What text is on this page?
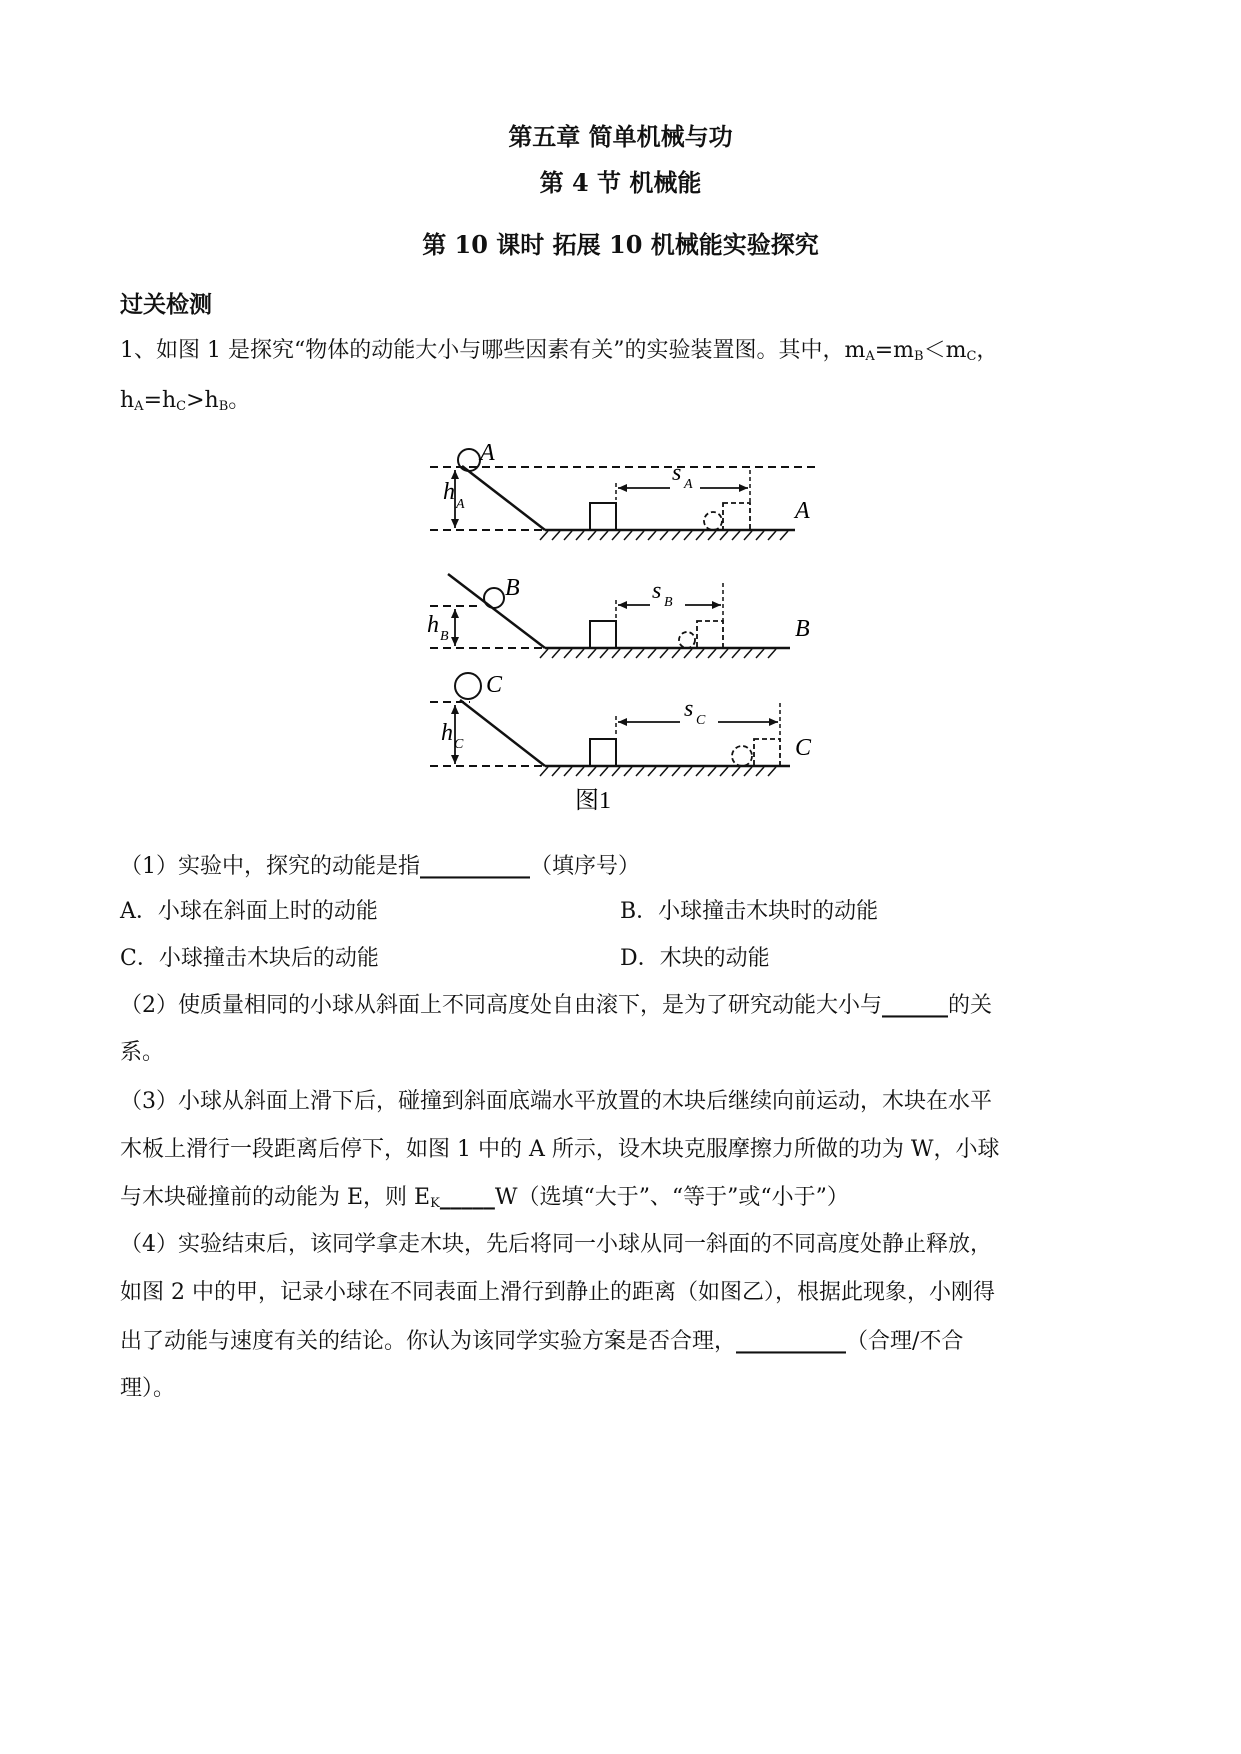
第五章 简单机械与功
第 4 节 机械能
第 10 课时 拓展 10 机械能实验探究
过关检测
1、如图 1 是探究“物体的动能大小与哪些因素有关”的实验装置图。其中，$m_A=m_B<m_C$，
$h_A=h_C>h_B$。
A
h A
s A
A
B
h B
s B
B
C
h C
s C
C
图1
（1）实验中，探究的动能是指__________（填序号）
A．小球在斜面上时的动能	B．小球撞击木块时的动能
C．小球撞击木块后的动能	D．木块的动能
（2）使质量相同的小球从斜面上不同高度处自由滚下，是为了研究动能大小与______的关
系。
（3）小球从斜面上滑下后，碰撞到斜面底端水平放置的木块后继续向前运动，木块在水平
木板上滑行一段距离后停下，如图 1 中的 A 所示，设木块克服摩擦力所做的功为 W，小球
与木块碰撞前的动能为 E，则 $E_K\_\_\_\_\_W$（选填“大于”、“等于”或“小于”）
（4）实验结束后，该同学拿走木块，先后将同一小球从同一斜面的不同高度处静止释放，
如图 2 中的甲，记录小球在不同表面上滑行到静止的距离（如图乙），根据此现象，小刚得
出了动能与速度有关的结论。你认为该同学实验方案是否合理，__________（合理/不合
理）。
